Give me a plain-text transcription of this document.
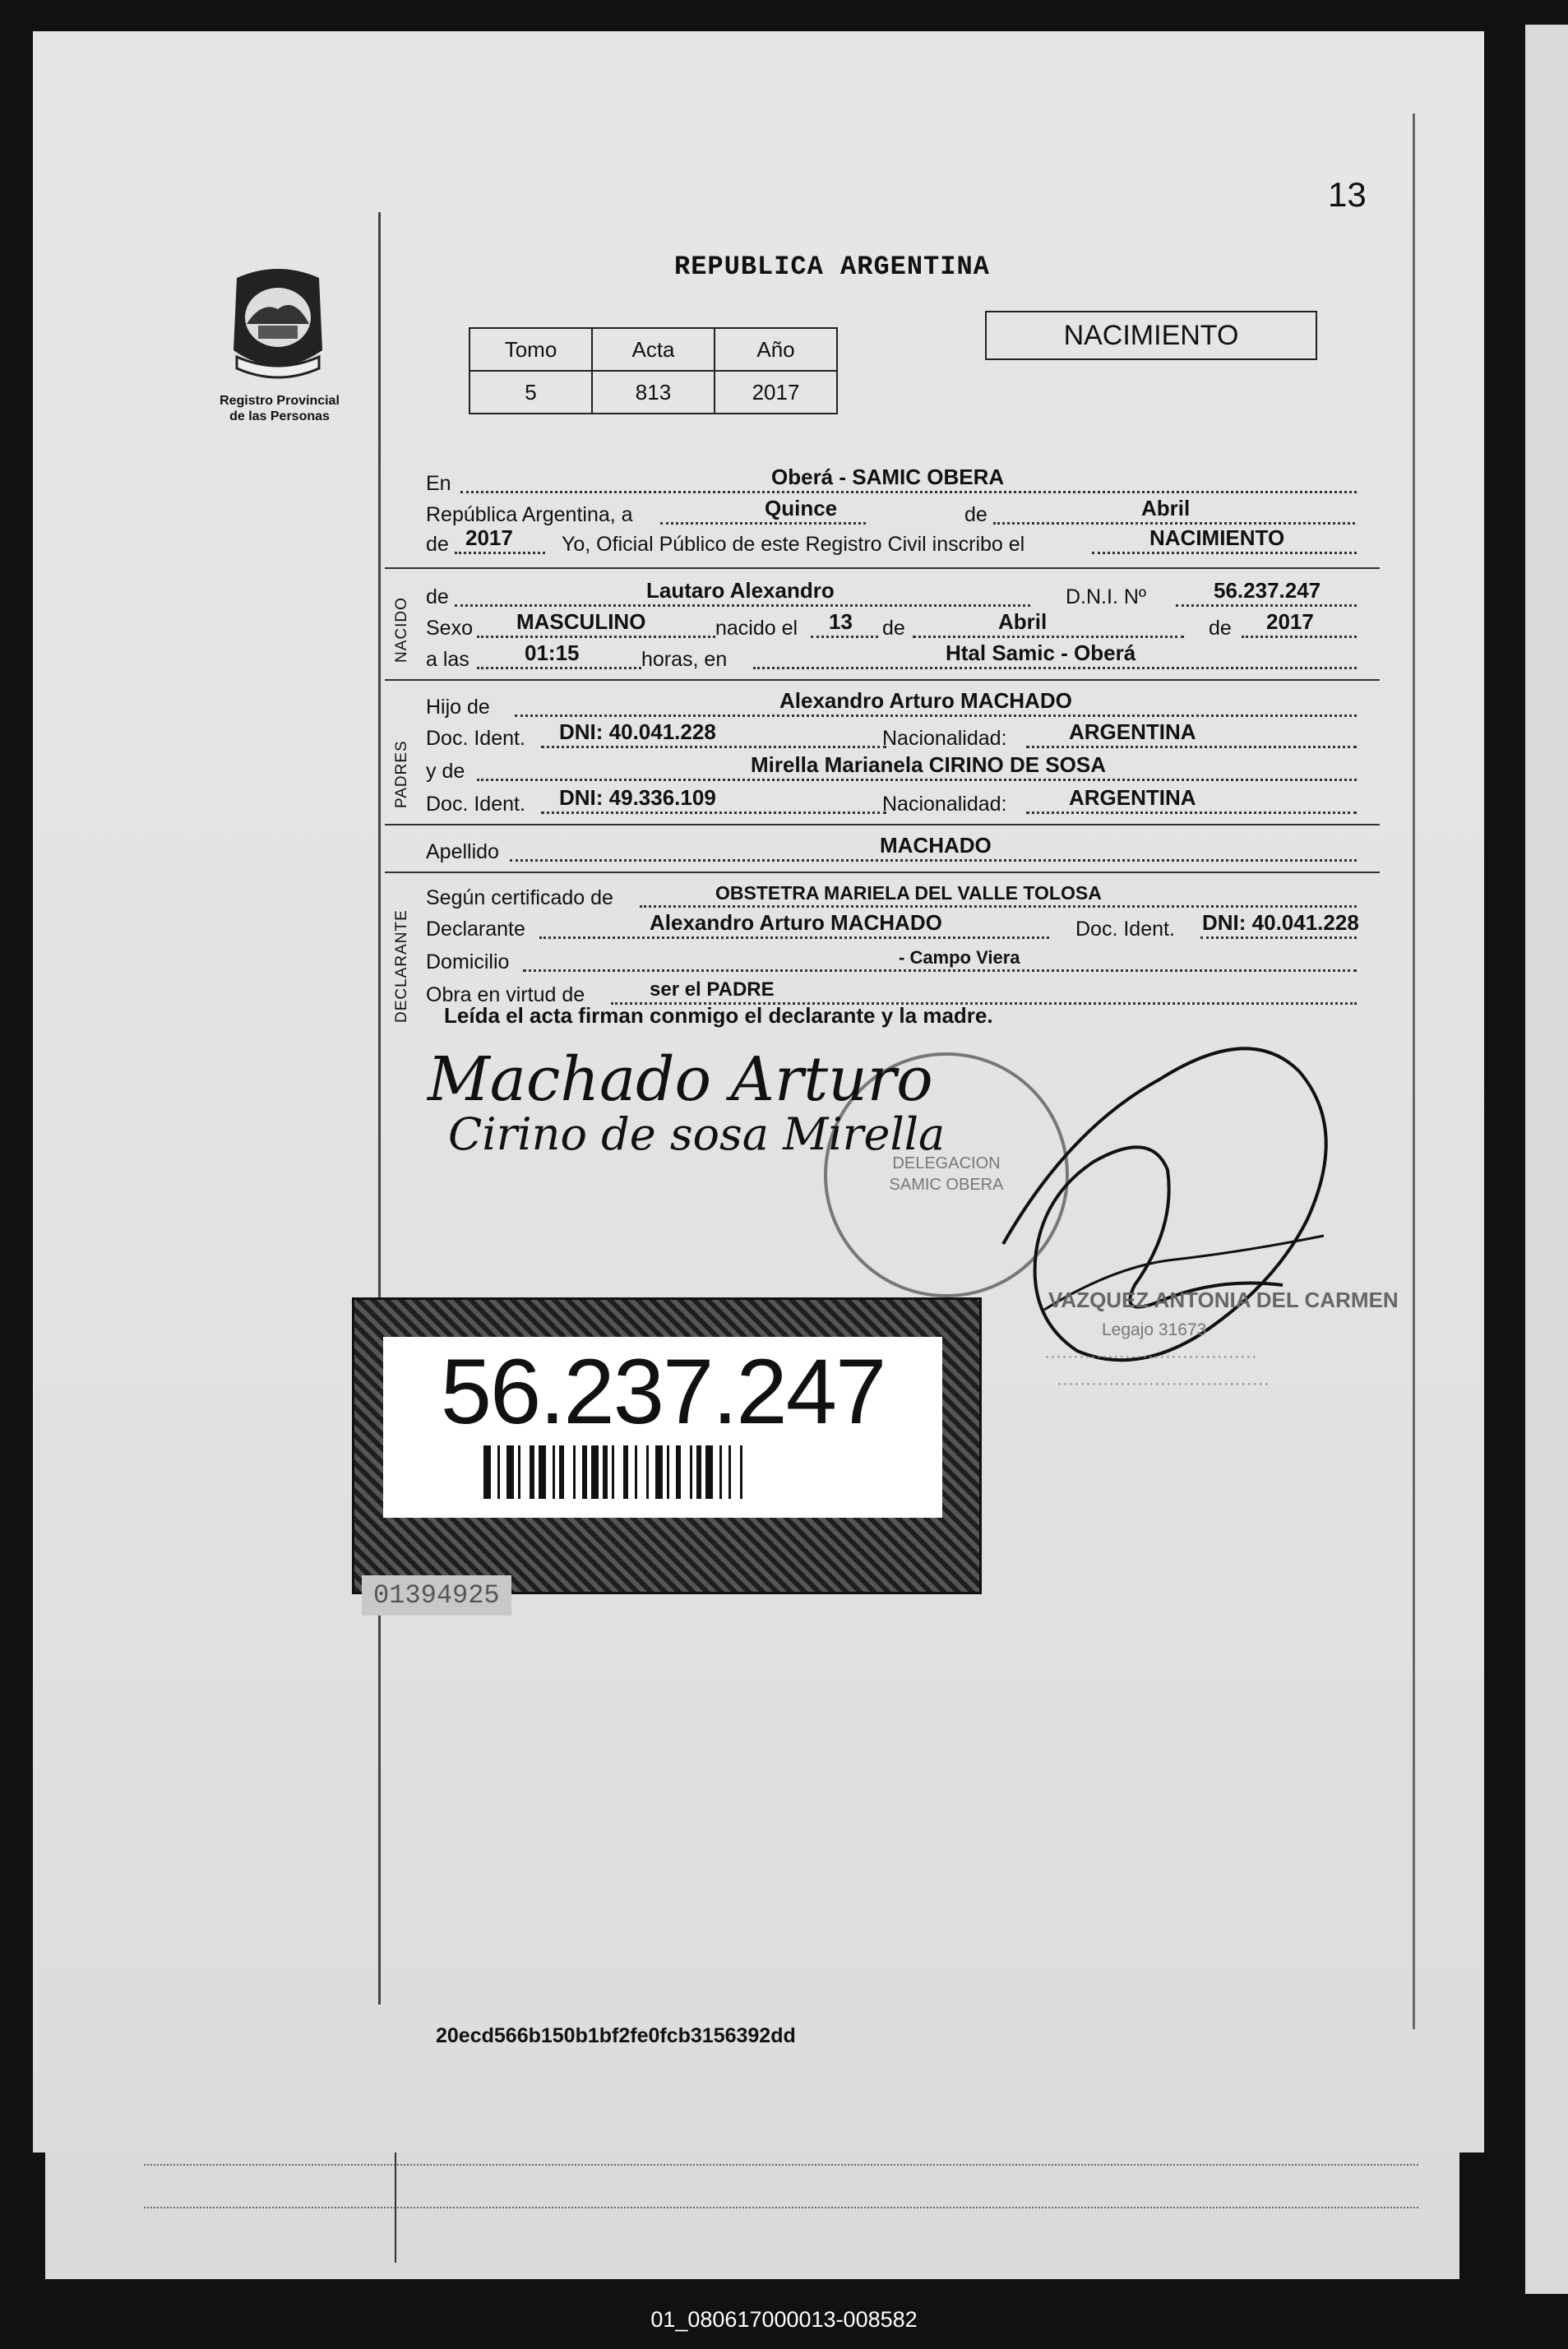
13
Registro Provincial
de las Personas
REPUBLICA ARGENTINA
Tomo	Acta	Año
5	813	2017
NACIMIENTO
En	Oberá - SAMIC OBERA
República Argentina, a	Quince	de	Abril
de 2017 Yo, Oficial Público de este Registro Civil inscribo el	NACIMIENTO
NACIDO
de	Lautaro Alexandro	D.N.I. Nº	56.237.247
Sexo MASCULINO	nacido el 13 de	Abril	de 2017
a las	01:15	horas, en	Htal Samic - Oberá
PADRES
Hijo de	Alexandro Arturo MACHADO
Doc. Ident. DNI: 40.041.228	Nacionalidad:	ARGENTINA
y de	Mirella Marianela CIRINO DE SOSA
Doc. Ident. DNI: 49.336.109	Nacionalidad:	ARGENTINA
Apellido	MACHADO
DECLARANTE
Según certificado de	OBSTETRA MARIELA DEL VALLE TOLOSA
Declarante	Alexandro Arturo MACHADO	Doc. Ident. DNI: 40.041.228
Domicilio	- Campo Viera
Obra en virtud de	ser el PADRE
Leída el acta firman conmigo el declarante y la madre.
DELEGACION
SAMIC OBERA
Machado Arturo
Cirino de sosa Mirella
VAZQUEZ ANTONIA DEL CARMEN
Legajo 31673
·····································
·····································
56.237.247
01394925
20ecd566b150b1bf2fe0fcb3156392dd
01_080617000013-008582
